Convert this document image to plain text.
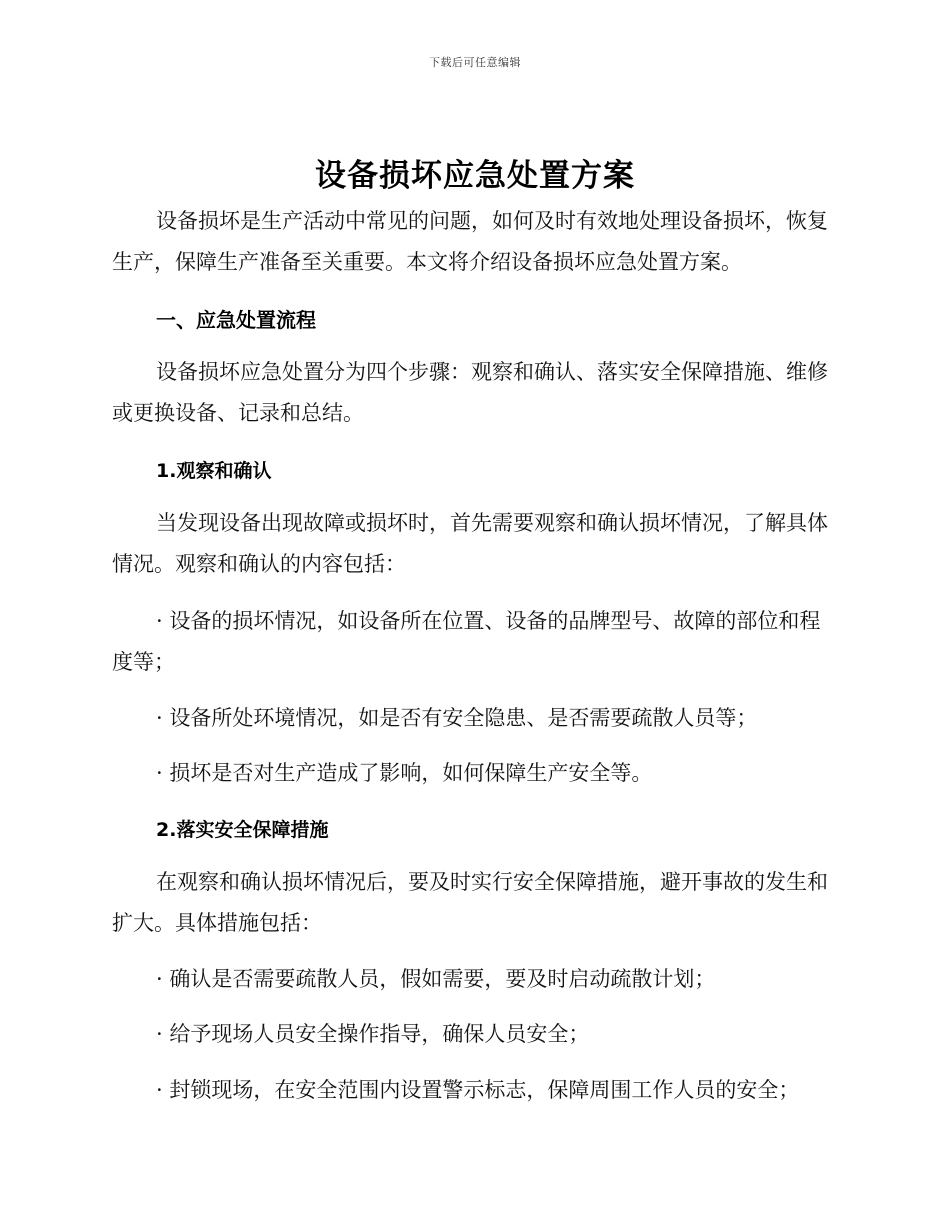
下载后可任意编辑
设备损坏应急处置方案

设备损坏是生产活动中常见的问题，如何及时有效地处理设备损坏，恢复生产，保障生产准备至关重要。本文将介绍设备损坏应急处置方案。

一、应急处置流程

设备损坏应急处置分为四个步骤：观察和确认、落实安全保障措施、维修或更换设备、记录和总结。

1.观察和确认

当发现设备出现故障或损坏时，首先需要观察和确认损坏情况，了解具体情况。观察和确认的内容包括：

· 设备的损坏情况，如设备所在位置、设备的品牌型号、故障的部位和程度等；

· 设备所处环境情况，如是否有安全隐患、是否需要疏散人员等；

· 损坏是否对生产造成了影响，如何保障生产安全等。

2.落实安全保障措施

在观察和确认损坏情况后，要及时实行安全保障措施，避开事故的发生和扩大。具体措施包括：

· 确认是否需要疏散人员，假如需要，要及时启动疏散计划；

· 给予现场人员安全操作指导，确保人员安全；

· 封锁现场，在安全范围内设置警示标志，保障周围工作人员的安全；
